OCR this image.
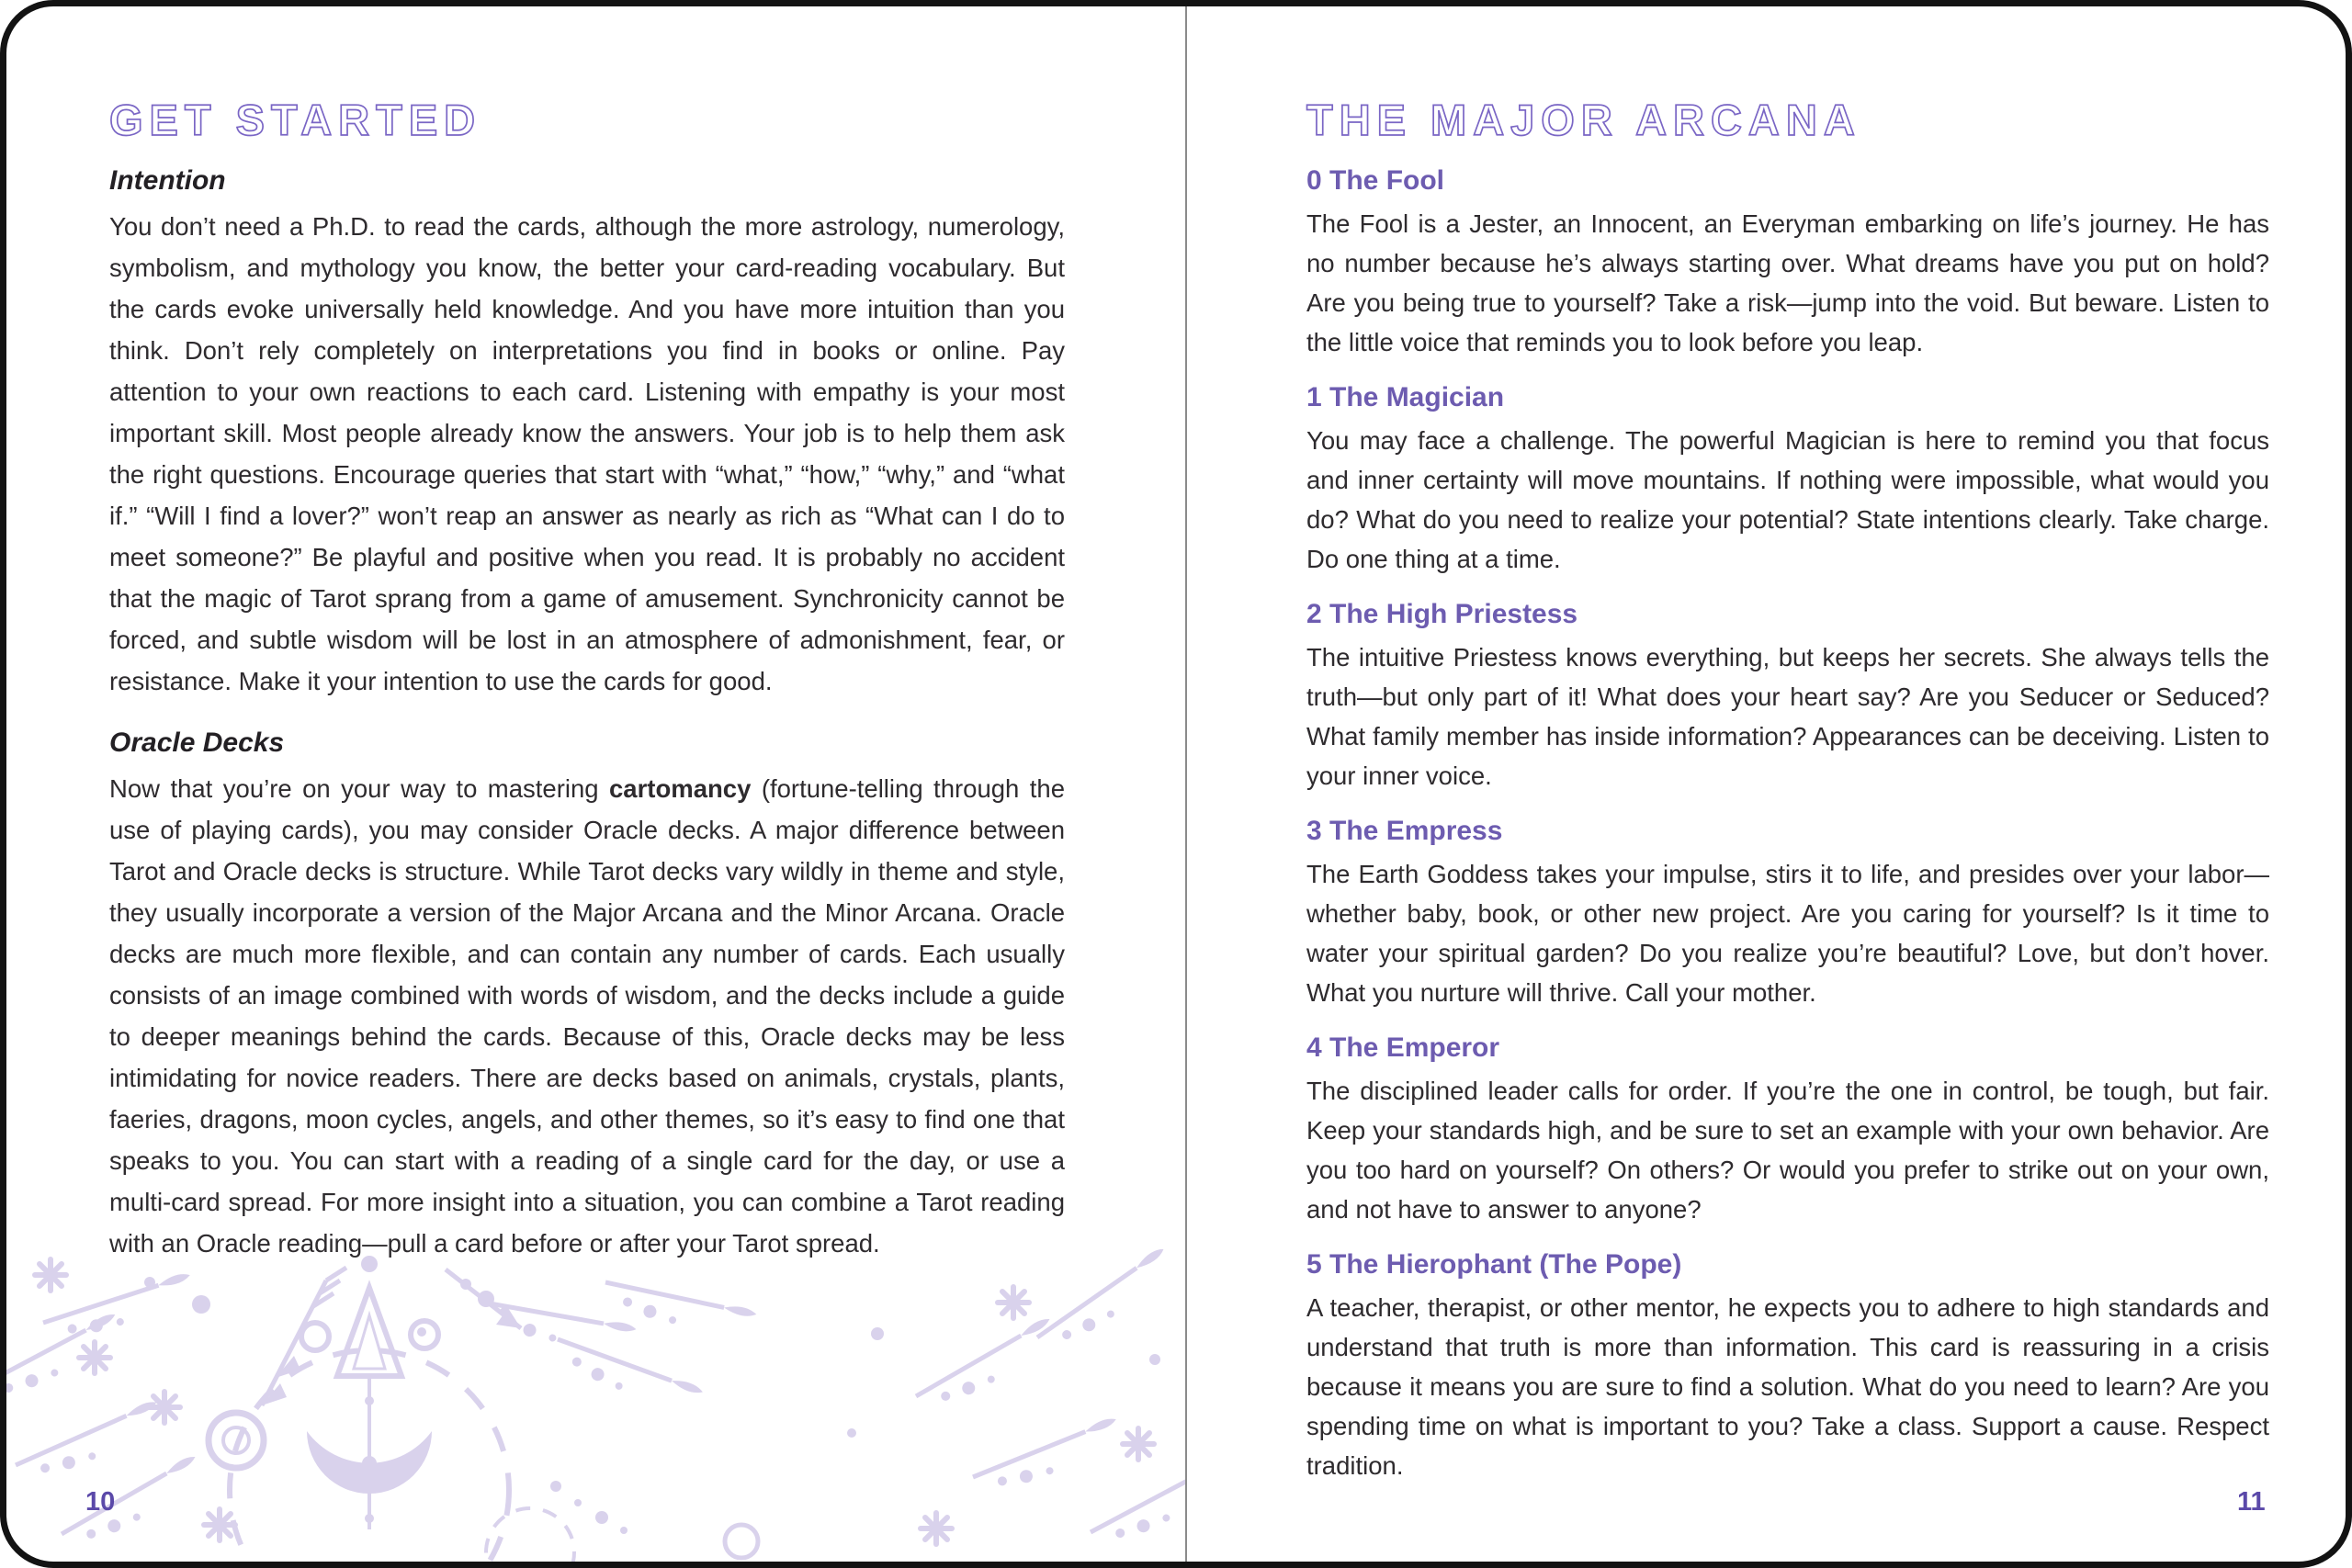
GET STARTED
Intention

You don’t need a Ph.D. to read the cards, although the more astrology, numerology, symbolism, and mythology you know, the better your card-reading vocabulary. But the cards evoke universally held knowledge. And you have more intuition than you think. Don’t rely completely on interpretations you find in books or online. Pay attention to your own reactions to each card. Listening with empathy is your most important skill. Most people already know the answers. Your job is to help them ask the right questions. Encourage queries that start with “what,” “how,” “why,” and “what if.” “Will I find a lover?” won’t reap an answer as nearly as rich as “What can I do to meet someone?” Be playful and positive when you read. It is probably no accident that the magic of Tarot sprang from a game of amusement. Synchronicity cannot be forced, and subtle wisdom will be lost in an atmosphere of admonishment, fear, or resistance. Make it your intention to use the cards for good.

Oracle Decks

Now that you’re on your way to mastering cartomancy (fortune-telling through the use of playing cards), you may consider Oracle decks. A major difference between Tarot and Oracle decks is structure. While Tarot decks vary wildly in theme and style, they usually incorporate a version of the Major Arcana and the Minor Arcana. Oracle decks are much more flexible, and can contain any number of cards. Each usually consists of an image combined with words of wisdom, and the decks include a guide to deeper meanings behind the cards. Because of this, Oracle decks may be less intimidating for novice readers. There are decks based on animals, crystals, plants, faeries, dragons, moon cycles, angels, and other themes, so it’s easy to find one that speaks to you. You can start with a reading of a single card for the day, or use a multi-card spread. For more insight into a situation, you can combine a Tarot reading with an Oracle reading—pull a card before or after your Tarot spread.

THE MAJOR ARCANA
0 The Fool

The Fool is a Jester, an Innocent, an Everyman embarking on life’s journey. He has no number because he’s always starting over. What dreams have you put on hold? Are you being true to yourself? Take a risk—jump into the void. But beware. Listen to the little voice that reminds you to look before you leap.

1 The Magician

You may face a challenge. The powerful Magician is here to remind you that focus and inner certainty will move mountains. If nothing were impossible, what would you do? What do you need to realize your potential? State intentions clearly. Take charge. Do one thing at a time.

2 The High Priestess

The intuitive Priestess knows everything, but keeps her secrets. She always tells the truth—but only part of it! What does your heart say? Are you Seducer or Seduced? What family member has inside information? Appearances can be deceiving. Listen to your inner voice.

3 The Empress

The Earth Goddess takes your impulse, stirs it to life, and presides over your labor—whether baby, book, or other new project. Are you caring for yourself? Is it time to water your spiritual garden? Do you realize you’re beautiful? Love, but don’t hover. What you nurture will thrive. Call your mother.

4 The Emperor

The disciplined leader calls for order. If you’re the one in control, be tough, but fair. Keep your standards high, and be sure to set an example with your own behavior. Are you too hard on yourself? On others? Or would you prefer to strike out on your own, and not have to answer to anyone?

5 The Hierophant (The Pope)

A teacher, therapist, or other mentor, he expects you to adhere to high standards and understand that truth is more than information. This card is reassuring in a crisis because it means you are sure to find a solution. What do you need to learn? Are you spending time on what is important to you? Take a class. Support a cause. Respect tradition.

10	11
